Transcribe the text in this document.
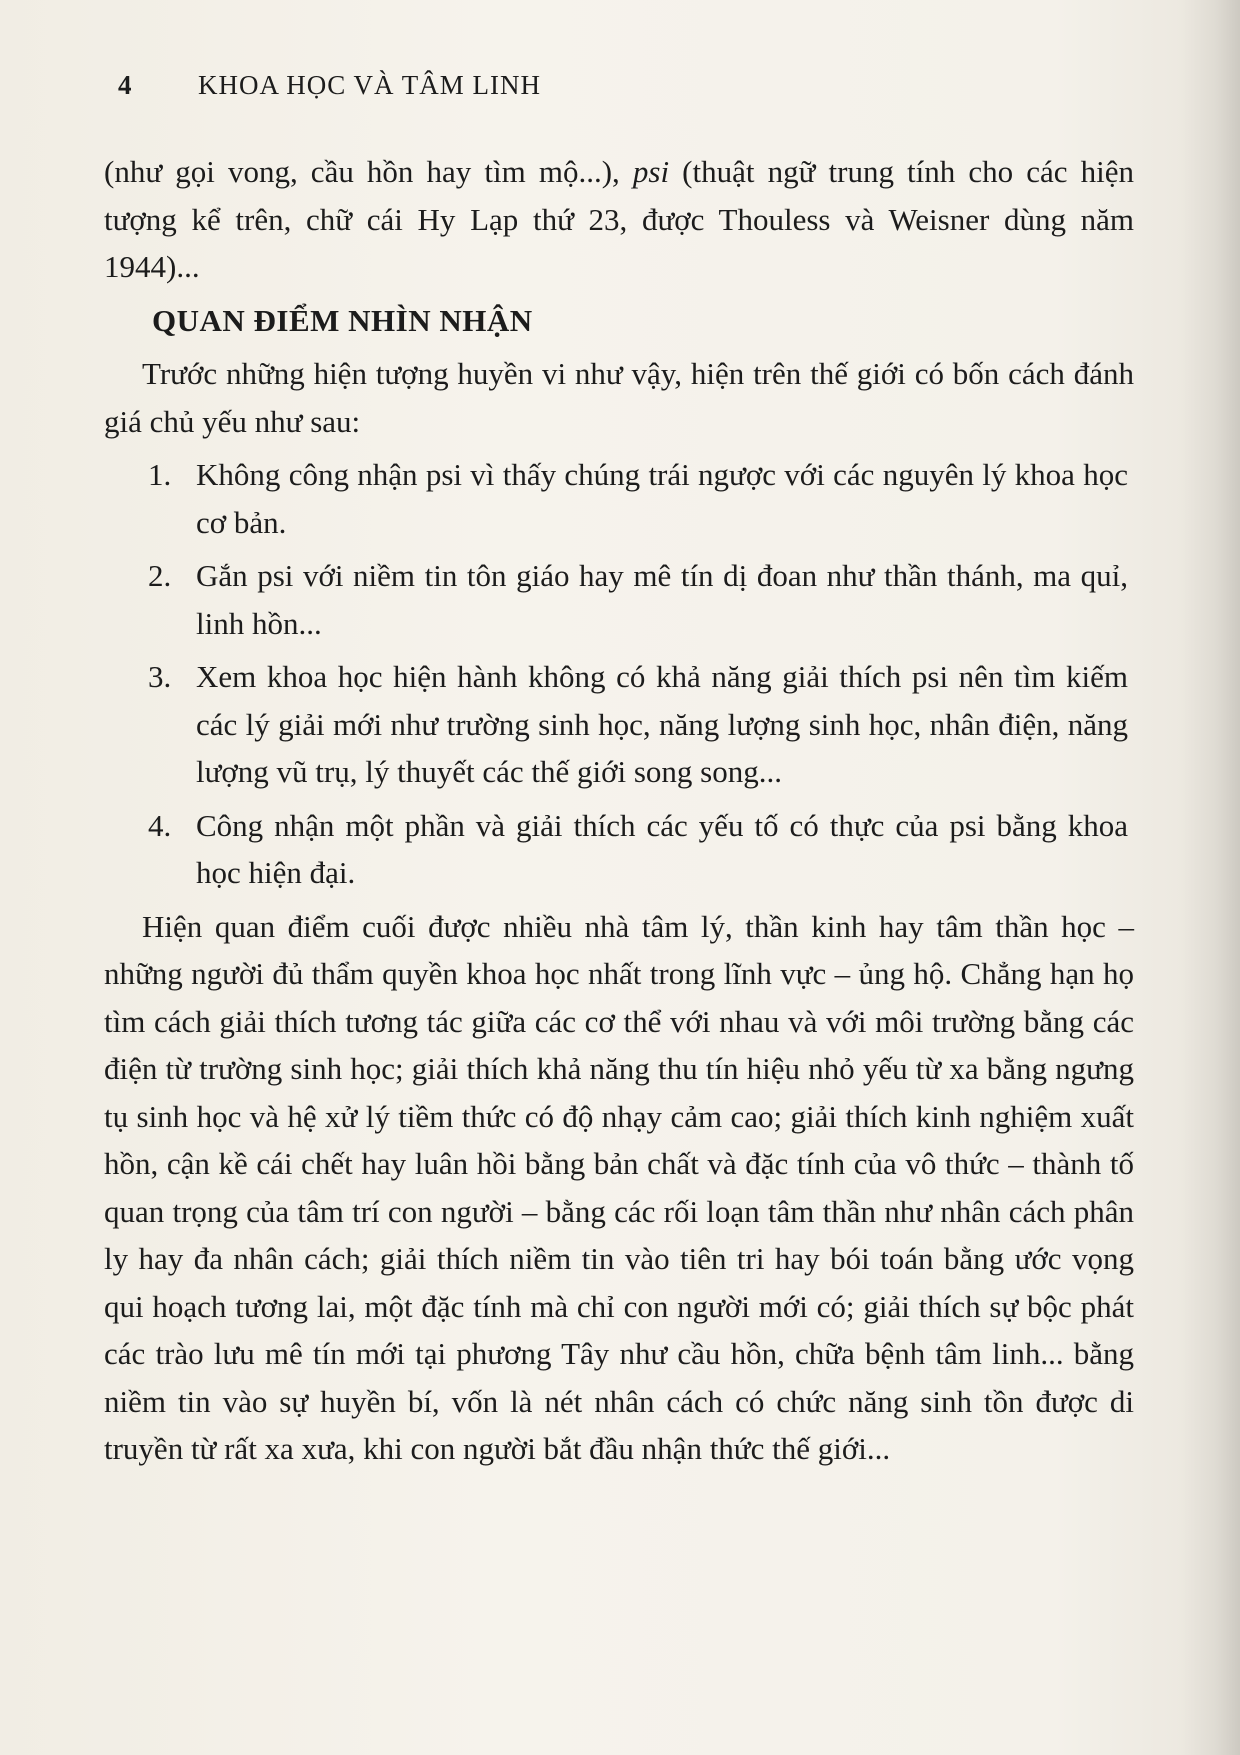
4 KHOA HỌC VÀ TÂM LINH

(như gọi vong, cầu hồn hay tìm mộ...), psi (thuật ngữ trung tính cho các hiện tượng kể trên, chữ cái Hy Lạp thứ 23, được Thouless và Weisner dùng năm 1944)...

QUAN ĐIỂM NHÌN NHẬN

Trước những hiện tượng huyền vi như vậy, hiện trên thế giới có bốn cách đánh giá chủ yếu như sau:

1. Không công nhận psi vì thấy chúng trái ngược với các nguyên lý khoa học cơ bản.
2. Gắn psi với niềm tin tôn giáo hay mê tín dị đoan như thần thánh, ma quỉ, linh hồn...
3. Xem khoa học hiện hành không có khả năng giải thích psi nên tìm kiếm các lý giải mới như trường sinh học, năng lượng sinh học, nhân điện, năng lượng vũ trụ, lý thuyết các thế giới song song...
4. Công nhận một phần và giải thích các yếu tố có thực của psi bằng khoa học hiện đại.

Hiện quan điểm cuối được nhiều nhà tâm lý, thần kinh hay tâm thần học – những người đủ thẩm quyền khoa học nhất trong lĩnh vực – ủng hộ. Chẳng hạn họ tìm cách giải thích tương tác giữa các cơ thể với nhau và với môi trường bằng các điện từ trường sinh học; giải thích khả năng thu tín hiệu nhỏ yếu từ xa bằng ngưng tụ sinh học và hệ xử lý tiềm thức có độ nhạy cảm cao; giải thích kinh nghiệm xuất hồn, cận kề cái chết hay luân hồi bằng bản chất và đặc tính của vô thức – thành tố quan trọng của tâm trí con người – bằng các rối loạn tâm thần như nhân cách phân ly hay đa nhân cách; giải thích niềm tin vào tiên tri hay bói toán bằng ước vọng qui hoạch tương lai, một đặc tính mà chỉ con người mới có; giải thích sự bộc phát các trào lưu mê tín mới tại phương Tây như cầu hồn, chữa bệnh tâm linh... bằng niềm tin vào sự huyền bí, vốn là nét nhân cách có chức năng sinh tồn được di truyền từ rất xa xưa, khi con người bắt đầu nhận thức thế giới...
